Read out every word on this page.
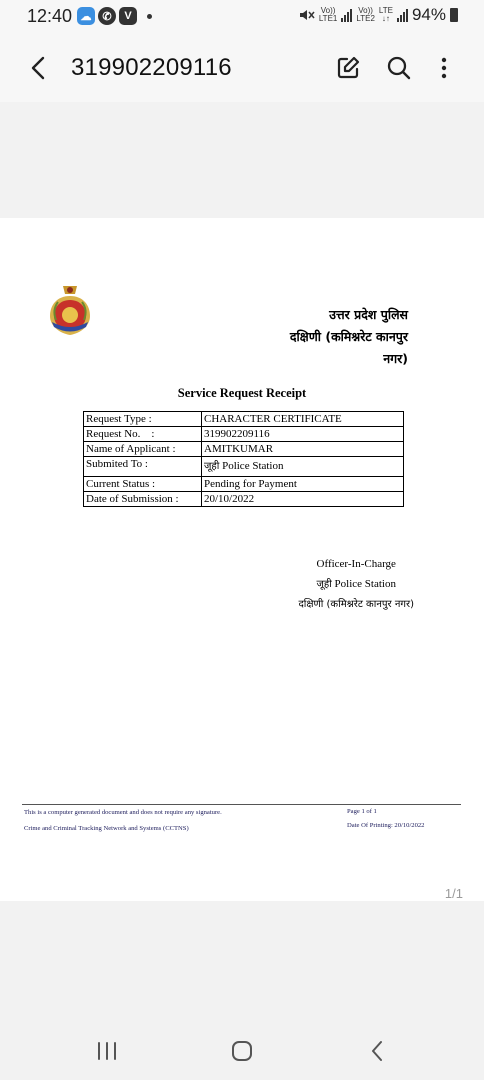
12:40 ☁ ✆	V	Vo))
LTE1
Vo))
LTE2
LTE
↓↑ 94%
319902209116
उत्तर प्रदेश पुलिस
दक्षिणी (कमिश्नरेट कानपुर
नगर)
Service Request Receipt
Request Type :	CHARACTER CERTIFICATE
Request No.    :	319902209116
Name of Applicant :	AMITKUMAR
Submited To :	जूही Police Station
Current Status :	Pending for Payment
Date of Submission :	20/10/2022
Officer-In-Charge
जूही Police Station
दक्षिणी (कमिश्नरेट कानपुर नगर)
This is a computer generated document and does not require any signature.
Crime and Criminal Tracking Network and Systems (CCTNS)
Page 1 of 1
Date Of Printing: 20/10/2022
1/1
